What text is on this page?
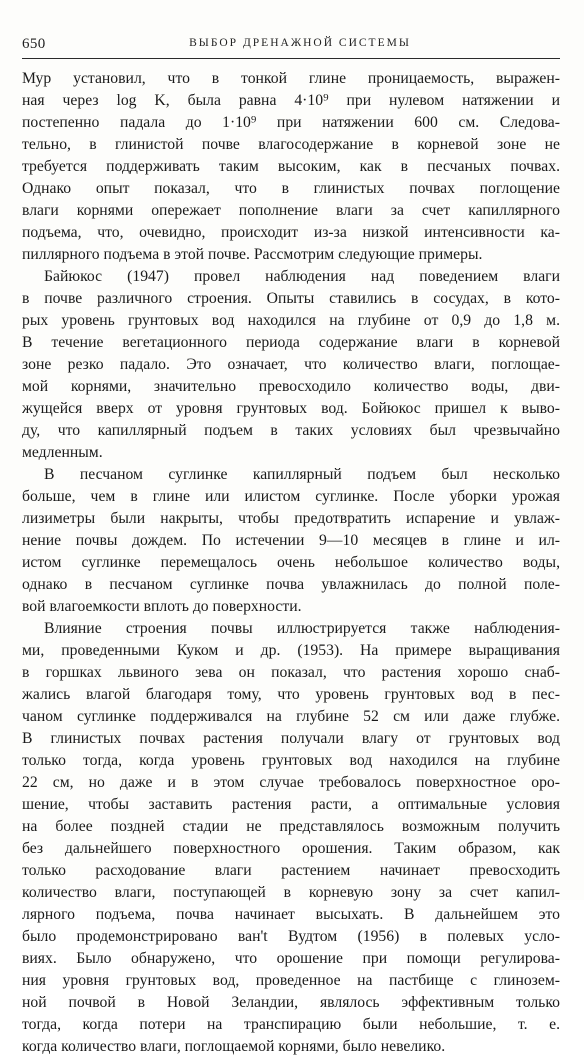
650	ВЫБОР ДРЕНАЖНОЙ СИСТЕМЫ

Мур установил, что в тонкой глине проницаемость, выражен-
ная через log K, была равна 4·10⁹ при нулевом натяжении и
постепенно падала до 1·10⁹ при натяжении 600 см. Следова-
тельно, в глинистой почве влагосодержание в корневой зоне не
требуется поддерживать таким высоким, как в песчаных почвах.
Однако опыт показал, что в глинистых почвах поглощение
влаги корнями опережает пополнение влаги за счет капиллярного
подъема, что, очевидно, происходит из-за низкой интенсивности ка-
пиллярного подъема в этой почве. Рассмотрим следующие примеры.

Байюкос (1947) провел наблюдения над поведением влаги
в почве различного строения. Опыты ставились в сосудах, в кото-
рых уровень грунтовых вод находился на глубине от 0,9 до 1,8 м.
В течение вегетационного периода содержание влаги в корневой
зоне резко падало. Это означает, что количество влаги, поглощае-
мой корнями, значительно превосходило количество воды, дви-
жущейся вверх от уровня грунтовых вод. Бойюкос пришел к выво-
ду, что капиллярный подъем в таких условиях был чрезвычайно
медленным.

В песчаном суглинке капиллярный подъем был несколько
больше, чем в глине или илистом суглинке. После уборки урожая
лизиметры были накрыты, чтобы предотвратить испарение и увлаж-
нение почвы дождем. По истечении 9—10 месяцев в глине и ил-
истом суглинке перемещалось очень небольшое количество воды,
однако в песчаном суглинке почва увлажнилась до полной поле-
вой влагоемкости вплоть до поверхности.

Влияние строения почвы иллюстрируется также наблюдения-
ми, проведенными Куком и др. (1953). На примере выращивания
в горшках львиного зева он показал, что растения хорошо снаб-
жались влагой благодаря тому, что уровень грунтовых вод в пес-
чаном суглинке поддерживался на глубине 52 см или даже глубже.
В глинистых почвах растения получали влагу от грунтовых вод
только тогда, когда уровень грунтовых вод находился на глубине
22 см, но даже и в этом случае требовалось поверхностное оро-
шение, чтобы заставить растения расти, а оптимальные условия
на более поздней стадии не представлялось возможным получить
без дальнейшего поверхностного орошения. Таким образом, как
только расходование влаги растением начинает превосходить
количество влаги, поступающей в корневую зону за счет капил-
лярного подъема, почва начинает высыхать. В дальнейшем это
было продемонстрировано ван't Вудтом (1956) в полевых усло-
виях. Было обнаружено, что орошение при помощи регулирова-
ния уровня грунтовых вод, проведенное на пастбище с глинозем-
ной почвой в Новой Зеландии, являлось эффективным только
тогда, когда потери на транспирацию были небольшие, т. е.
когда количество влаги, поглощаемой корнями, было невелико.
